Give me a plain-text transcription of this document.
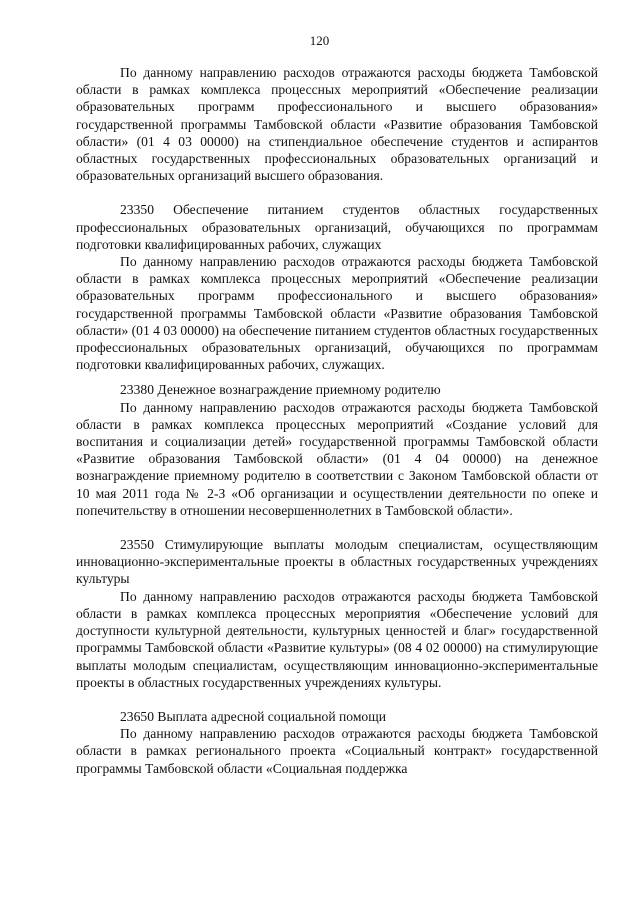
120

По данному направлению расходов отражаются расходы бюджета Тамбовской области в рамках комплекса процессных мероприятий «Обеспечение реализации образовательных программ профессионального и высшего образования» государственной программы Тамбовской области «Развитие образования Тамбовской области» (01 4 03 00000) на стипендиальное обеспечение студентов и аспирантов областных государственных профессиональных образовательных организаций и образовательных организаций высшего образования.

23350 Обеспечение питанием студентов областных государственных профессиональных образовательных организаций, обучающихся по программам подготовки квалифицированных рабочих, служащих

По данному направлению расходов отражаются расходы бюджета Тамбовской области в рамках комплекса процессных мероприятий «Обеспечение реализации образовательных программ профессионального и высшего образования» государственной программы Тамбовской области «Развитие образования Тамбовской области» (01 4 03 00000) на обеспечение питанием студентов областных государственных профессиональных образовательных организаций, обучающихся по программам подготовки квалифицированных рабочих, служащих.

23380 Денежное вознаграждение приемному родителю

По данному направлению расходов отражаются расходы бюджета Тамбовской области в рамках комплекса процессных мероприятий «Создание условий для воспитания и социализации детей» государственной программы Тамбовской области «Развитие образования Тамбовской области» (01 4 04 00000) на денежное вознаграждение приемному родителю в соответствии с Законом Тамбовской области от 10 мая 2011 года № 2-З «Об организации и осуществлении деятельности по опеке и попечительству в отношении несовершеннолетних в Тамбовской области».

23550 Стимулирующие выплаты молодым специалистам, осуществляющим инновационно-экспериментальные проекты в областных государственных учреждениях культуры

По данному направлению расходов отражаются расходы бюджета Тамбовской области в рамках комплекса процессных мероприятия «Обеспечение условий для доступности культурной деятельности, культурных ценностей и благ» государственной программы Тамбовской области «Развитие культуры» (08 4 02 00000) на стимулирующие выплаты молодым специалистам, осуществляющим инновационно-экспериментальные проекты в областных государственных учреждениях культуры.

23650 Выплата адресной социальной помощи

По данному направлению расходов отражаются расходы бюджета Тамбовской области в рамках регионального проекта «Социальный контракт» государственной программы Тамбовской области «Социальная поддержка
